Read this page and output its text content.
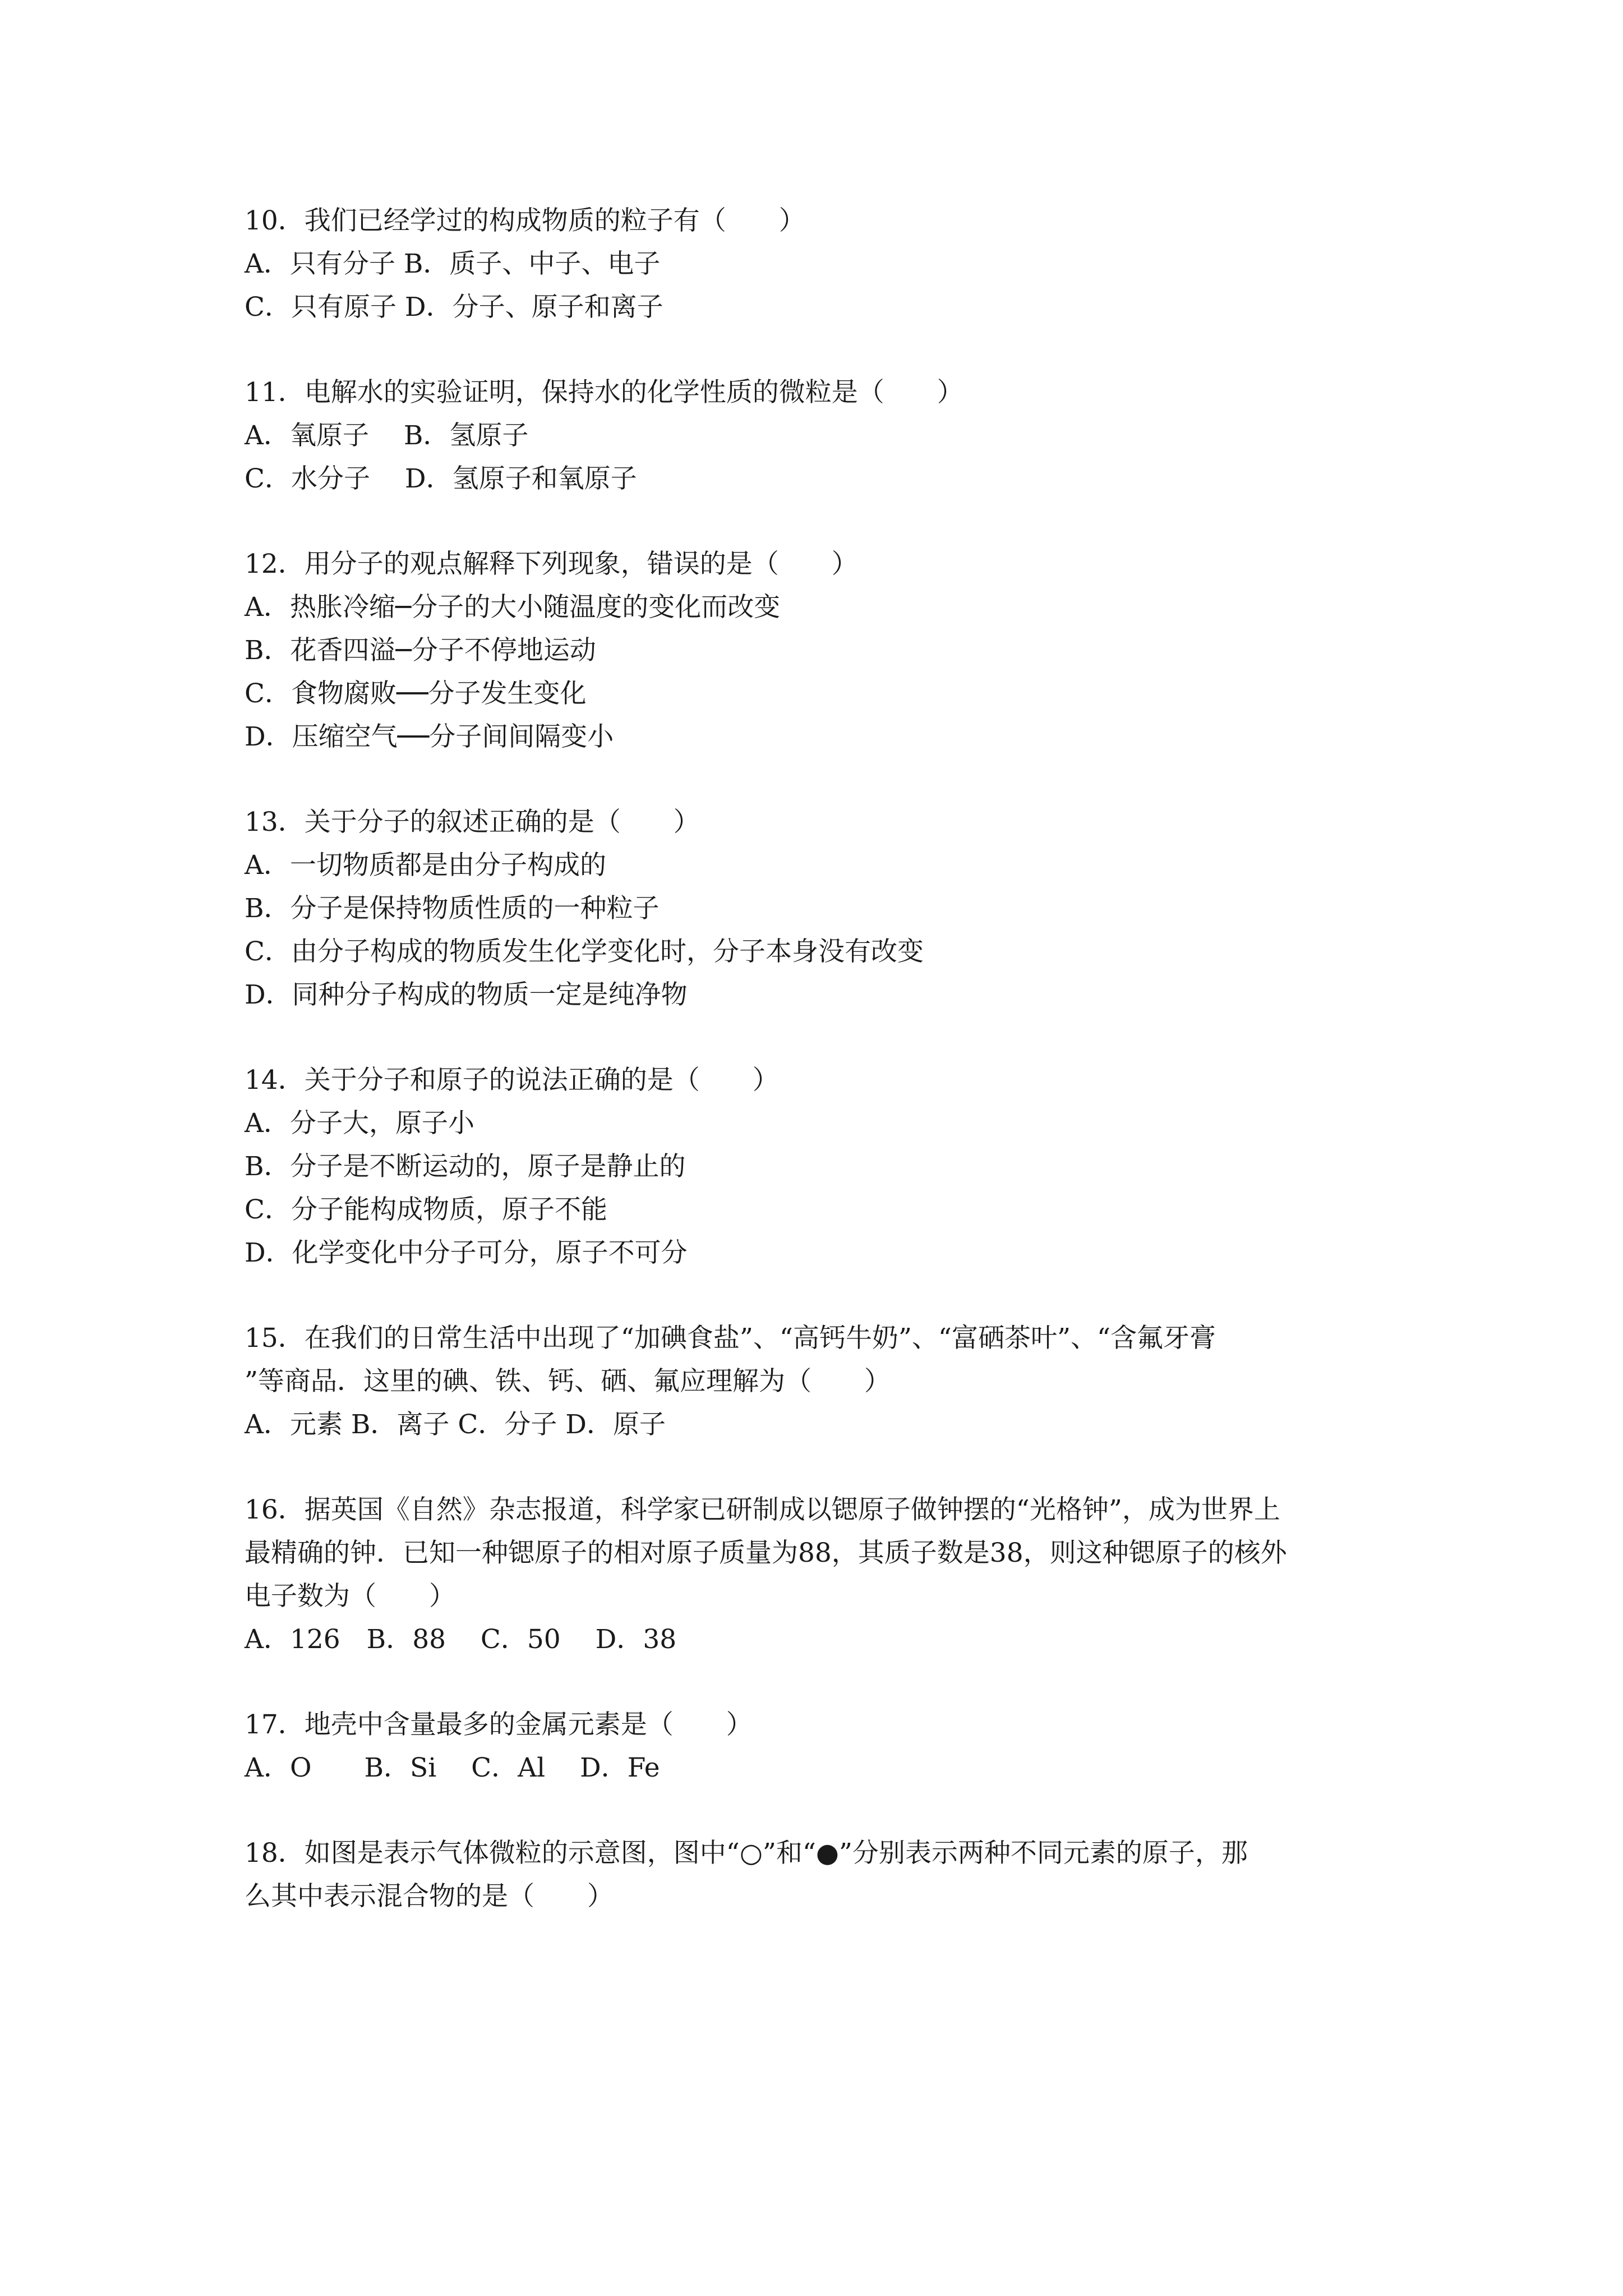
10．我们已经学过的构成物质的粒子有（　　）
A．只有分子 B．质子、中子、电子
C．只有原子 D．分子、原子和离子
11．电解水的实验证明，保持水的化学性质的微粒是（　　）
A．氧原子　 B．氢原子
C．水分子　 D．氢原子和氧原子
12．用分子的观点解释下列现象，错误的是（　　）
A．热胀冷缩─分子的大小随温度的变化而改变
B．花香四溢─分子不停地运动
C．食物腐败──分子发生变化
D．压缩空气──分子间间隔变小
13．关于分子的叙述正确的是（　　）
A．一切物质都是由分子构成的
B．分子是保持物质性质的一种粒子
C．由分子构成的物质发生化学变化时，分子本身没有改变
D．同种分子构成的物质一定是纯净物
14．关于分子和原子的说法正确的是（　　）
A．分子大，原子小
B．分子是不断运动的，原子是静止的
C．分子能构成物质，原子不能
D．化学变化中分子可分，原子不可分
15．在我们的日常生活中出现了“加碘食盐”、“高钙牛奶”、“富硒茶叶”、“含氟牙膏
”等商品．这里的碘、铁、钙、硒、氟应理解为（　　）
A．元素 B．离子 C．分子 D．原子
16．据英国《自然》杂志报道，科学家已研制成以锶原子做钟摆的“光格钟”，成为世界上
最精确的钟．已知一种锶原子的相对原子质量为88，其质子数是38，则这种锶原子的核外
电子数为（　　）
A．126　B．88　 C．50　 D．38
17．地壳中含量最多的金属元素是（　　）
A．O　　B．Si　 C．Al　 D．Fe
18．如图是表示气体微粒的示意图，图中“○”和“●”分别表示两种不同元素的原子，那
么其中表示混合物的是（　　）
